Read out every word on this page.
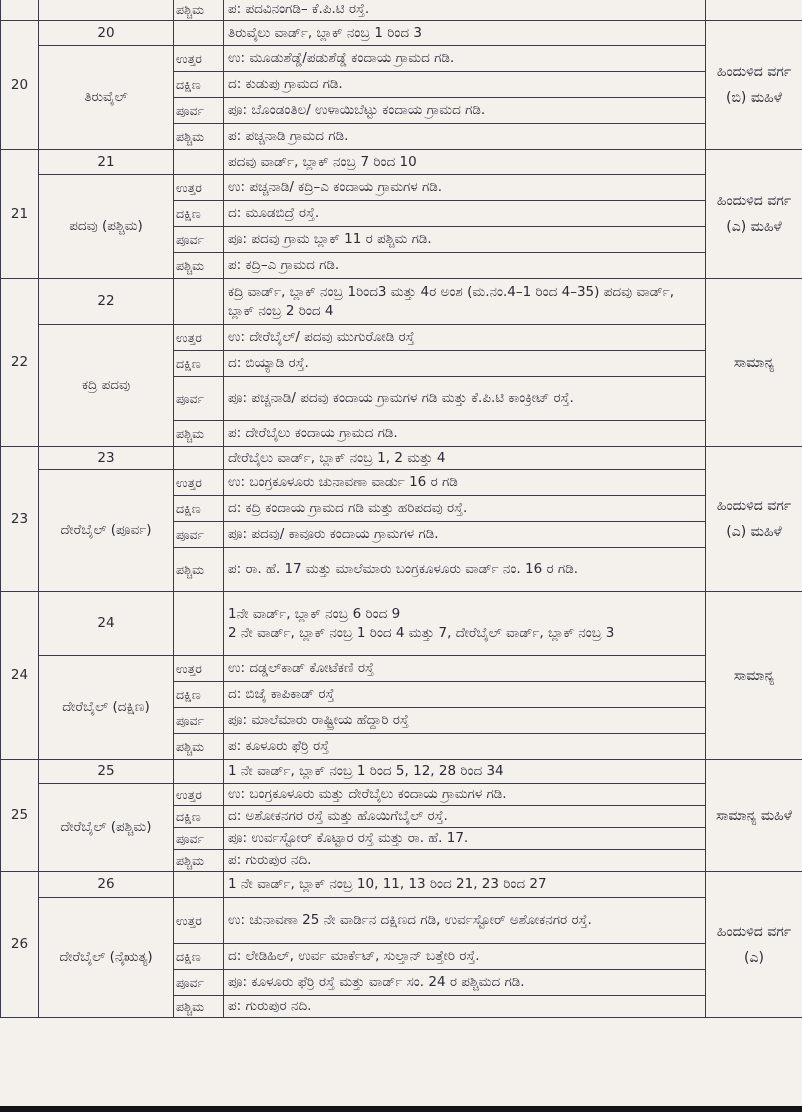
		ಪಶ್ಚಿಮ	ಪ: ಪದವಿನಂಗಡಿ– ಕೆ.ಪಿ.ಟಿ ರಸ್ತೆ.	
20	20		ತಿರುವೈಲು ವಾರ್ಡ್, ಬ್ಲಾಕ್ ನಂಬ್ರ 1 ರಿಂದ 3	ಹಿಂದುಳಿದ ವರ್ಗ (ಬಿ) ಮಹಿಳೆ
	ತಿರುವೈಲ್	ಉತ್ತರ	ಉ: ಮೂಡುಶೆಡ್ಡೆ/ಪಡುಶೆಡ್ಡೆ ಕಂದಾಯ ಗ್ರಾಮದ ಗಡಿ.	
		ದಕ್ಷಿಣ	ದ: ಕುಡುಪು ಗ್ರಾಮದ ಗಡಿ.	
		ಪೂರ್ವ	ಪೂ: ಬೊಂಡಂತಿಲ/ ಉಳಾಯಿಬೆಟ್ಟು ಕಂದಾಯ ಗ್ರಾಮದ ಗಡಿ.	
		ಪಶ್ಚಿಮ	ಪ: ಪಚ್ಚನಾಡಿ ಗ್ರಾಮದ ಗಡಿ.	
21	21		ಪದವು ವಾರ್ಡ್, ಬ್ಲಾಕ್ ನಂಬ್ರ 7 ರಿಂದ 10	ಹಿಂದುಳಿದ ವರ್ಗ (ಎ) ಮಹಿಳೆ
	ಪದವು (ಪಶ್ಚಿಮ)	ಉತ್ತರ	ಉ: ಪಚ್ಚನಾಡಿ/ ಕದ್ರಿ–ಎ ಕಂದಾಯ ಗ್ರಾಮಗಳ ಗಡಿ.	
		ದಕ್ಷಿಣ	ದ: ಮೂಡಬಿದ್ರೆ ರಸ್ತೆ.	
		ಪೂರ್ವ	ಪೂ: ಪದವು ಗ್ರಾಮ ಬ್ಲಾಕ್ 11 ರ ಪಶ್ಚಿಮ ಗಡಿ.	
		ಪಶ್ಚಿಮ	ಪ: ಕದ್ರಿ–ಎ ಗ್ರಾಮದ ಗಡಿ.	
22	22		ಕದ್ರಿ ವಾರ್ಡ್, ಬ್ಲಾಕ್ ನಂಬ್ರ 1ರಿಂದ3 ಮತ್ತು 4ರ ಅಂಶ (ಮ.ನಂ.4–1 ರಿಂದ 4–35) ಪದವು ವಾರ್ಡ್, ಬ್ಲಾಕ್ ನಂಬ್ರ 2 ರಿಂದ 4	ಸಾಮಾನ್ಯ
	ಕದ್ರಿ ಪದವು	ಉತ್ತರ	ಉ: ದೇರೆಬೈಲ್/ ಪದವು ಮುಗುರೋಡಿ ರಸ್ತೆ	
		ದಕ್ಷಿಣ	ದ: ಬಿಯ್ಯಾಡಿ ರಸ್ತೆ.	
		ಪೂರ್ವ	ಪೂ: ಪಚ್ಚನಾಡಿ/ ಪದವು ಕಂದಾಯ ಗ್ರಾಮಗಳ ಗಡಿ ಮತ್ತು ಕೆ.ಪಿ.ಟಿ ಕಾಂಕ್ರೀಟ್ ರಸ್ತೆ.	
		ಪಶ್ಚಿಮ	ಪ: ದೇರೆಬೈಲು ಕಂದಾಯ ಗ್ರಾಮದ ಗಡಿ.	
23	23		ದೇರೆಬೈಲು ವಾರ್ಡ್, ಬ್ಲಾಕ್ ನಂಬ್ರ 1, 2 ಮತ್ತು 4	ಹಿಂದುಳಿದ ವರ್ಗ (ಎ) ಮಹಿಳೆ
	ದೇರೆಬೈಲ್ (ಪೂರ್ವ)	ಉತ್ತರ	ಉ: ಬಂಗ್ರಕೂಳೂರು ಚುನಾವಣಾ ವಾರ್ಡು 16 ರ ಗಡಿ	
		ದಕ್ಷಿಣ	ದ: ಕದ್ರಿ ಕಂದಾಯ ಗ್ರಾಮದ ಗಡಿ ಮತ್ತು ಹರಿಪದವು ರಸ್ತೆ.	
		ಪೂರ್ವ	ಪೂ: ಪದವು/ ಕಾವೂರು ಕಂದಾಯ ಗ್ರಾಮಗಳ ಗಡಿ.	
		ಪಶ್ಚಿಮ	ಪ: ರಾ. ಹೆ. 17 ಮತ್ತು ಮಾಲೆಮಾರು ಬಂಗ್ರಕೂಳೂರು ವಾರ್ಡ್ ನಂ. 16 ರ ಗಡಿ.	
24	24		1ನೇ ವಾರ್ಡ್, ಬ್ಲಾಕ್ ನಂಬ್ರ 6 ರಿಂದ 9
2 ನೇ ವಾರ್ಡ್, ಬ್ಲಾಕ್ ನಂಬ್ರ 1 ರಿಂದ 4 ಮತ್ತು 7, ದೇರೆಬೈಲ್ ವಾರ್ಡ್, ಬ್ಲಾಕ್ ನಂಬ್ರ 3	ಸಾಮಾನ್ಯ
	ದೇರೆಬೈಲ್ (ದಕ್ಷಿಣ)	ಉತ್ತರ	ಉ: ದಡ್ಡಲ್‌ಕಾಡ್ ಕೋಟೆಕಣಿ ರಸ್ತೆ	
		ದಕ್ಷಿಣ	ದ: ಬಿಜೈ ಕಾಪಿಕಾಡ್ ರಸ್ತೆ	
		ಪೂರ್ವ	ಪೂ: ಮಾಲೆಮಾರು ರಾಷ್ಟ್ರೀಯ ಹೆದ್ದಾರಿ ರಸ್ತೆ	
		ಪಶ್ಚಿಮ	ಪ: ಕೂಳೂರು ಫೆರ್ರಿ ರಸ್ತೆ	
25	25		1 ನೇ ವಾರ್ಡ್, ಬ್ಲಾಕ್ ನಂಬ್ರ 1 ರಿಂದ 5, 12, 28 ರಿಂದ 34	ಸಾಮಾನ್ಯ ಮಹಿಳೆ
	ದೇರೆಬೈಲ್ (ಪಶ್ಚಿಮ)	ಉತ್ತರ	ಉ: ಬಂಗ್ರಕೂಳೂರು ಮತ್ತು ದೇರೆಬೈಲು ಕಂದಾಯ ಗ್ರಾಮಗಳ ಗಡಿ.	
		ದಕ್ಷಿಣ	ದ: ಅಶೋಕನಗರ ರಸ್ತೆ ಮತ್ತು ಹೊಯಿಗೆಬೈಲ್ ರಸ್ತೆ.	
		ಪೂರ್ವ	ಪೂ: ಉರ್ವಸ್ಟೋರ್ ಕೊಟ್ಟಾರ ರಸ್ತೆ ಮತ್ತು ರಾ. ಹೆ. 17.	
		ಪಶ್ಚಿಮ	ಪ: ಗುರುಪುರ ನದಿ.	
26	26		1 ನೇ ವಾರ್ಡ್, ಬ್ಲಾಕ್ ನಂಬ್ರ 10, 11, 13 ರಿಂದ 21, 23 ರಿಂದ 27	ಹಿಂದುಳಿದ ವರ್ಗ (ಎ)
	ದೇರೆಬೈಲ್ (ನೈಋತ್ಯ)	ಉತ್ತರ	ಉ: ಚುನಾವಣಾ 25 ನೇ ವಾರ್ಡಿನ ದಕ್ಷಿಣದ ಗಡಿ, ಉರ್ವಸ್ಟೋರ್ ಅಶೋಕನಗರ ರಸ್ತೆ.	
		ದಕ್ಷಿಣ	ದ: ಲೇಡಿಹಿಲ್, ಉರ್ವ ಮಾರ್ಕೆಟ್, ಸುಲ್ತಾನ್ ಬತ್ತೇರಿ ರಸ್ತೆ.	
		ಪೂರ್ವ	ಪೂ: ಕೂಳೂರು ಫೆರ್ರಿ ರಸ್ತೆ ಮತ್ತು ವಾರ್ಡ್ ಸಂ. 24 ರ ಪಶ್ಚಿಮದ ಗಡಿ.	
		ಪಶ್ಚಿಮ	ಪ: ಗುರುಪುರ ನದಿ.	
